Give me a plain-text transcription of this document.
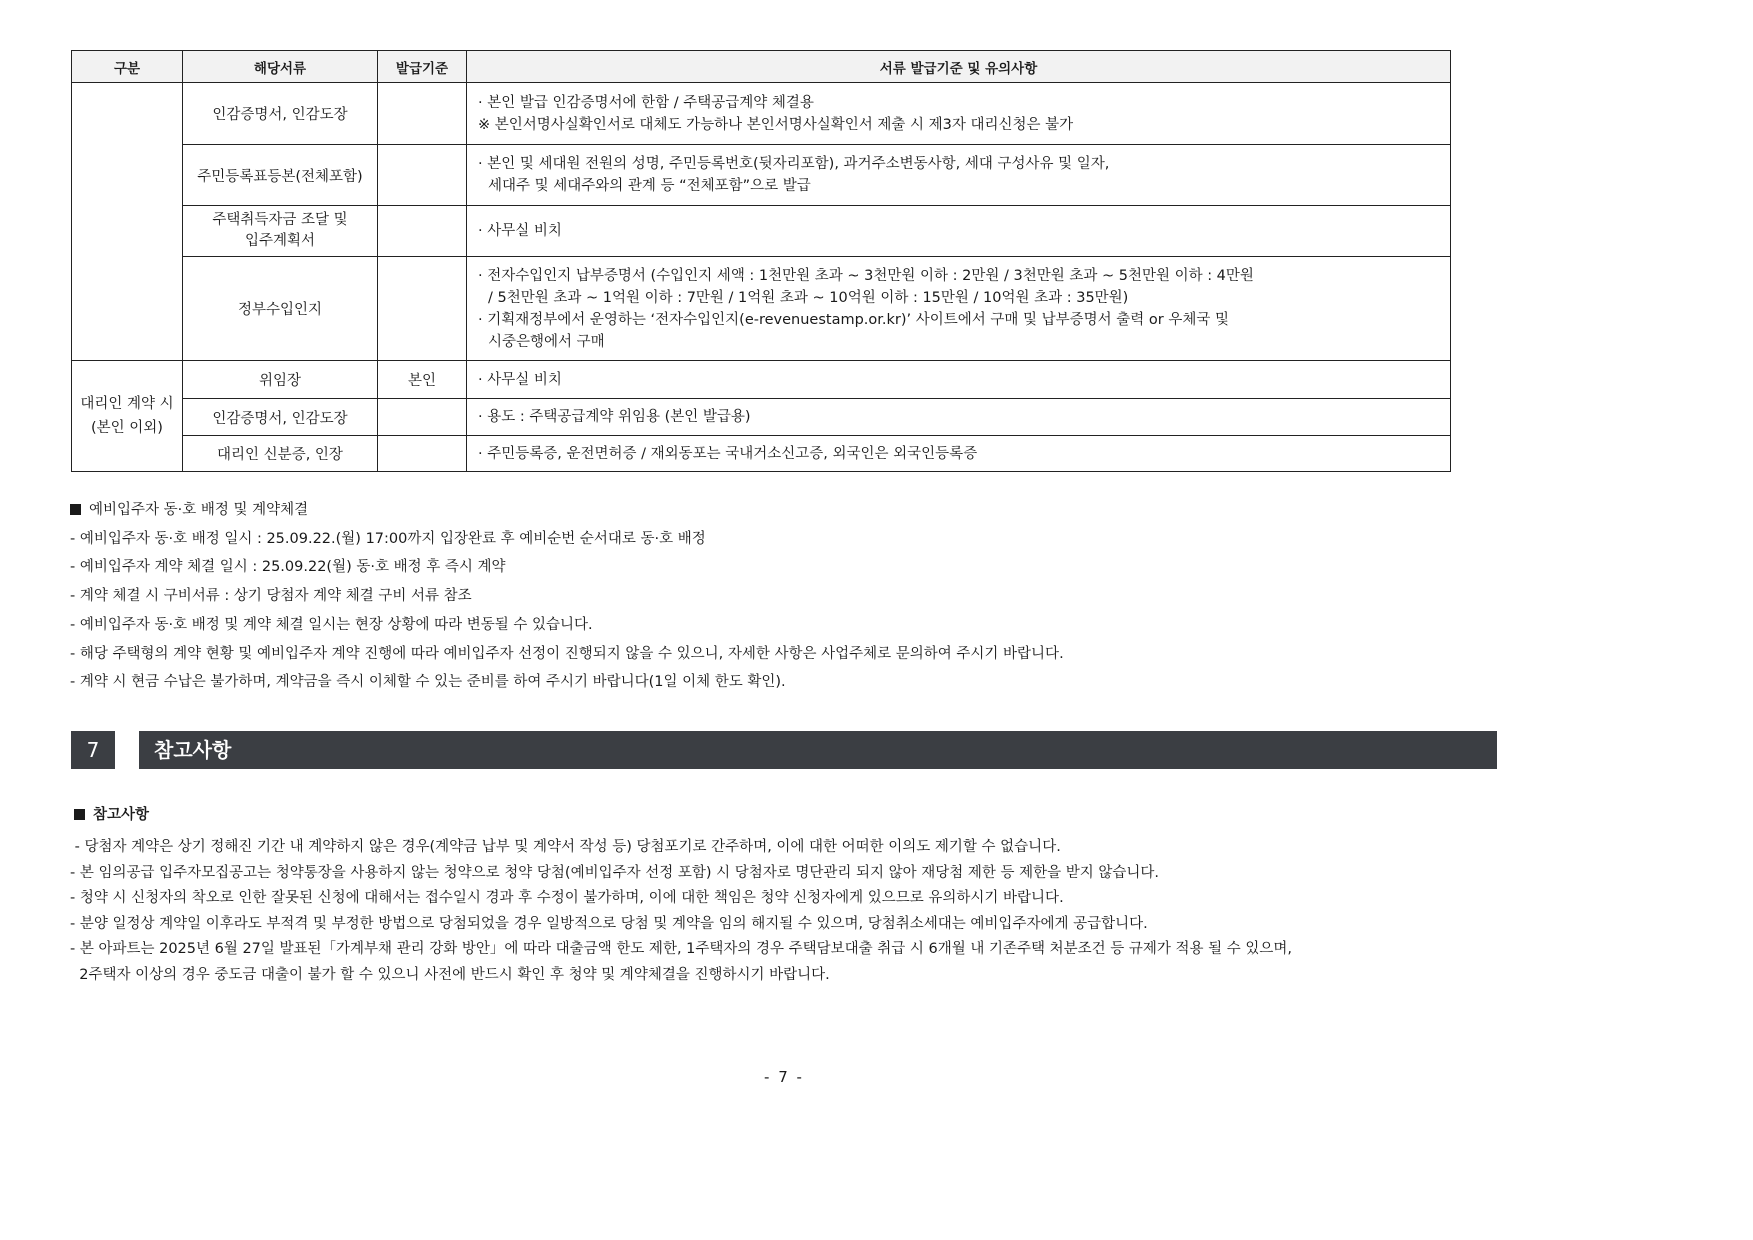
구분	해당서류	발급기준	서류 발급기준 및 유의사항

	인감증명서, 인감도장		· 본인 발급 인감증명서에 한함 / 주택공급계약 체결용
※ 본인서명사실확인서로 대체도 가능하나 본인서명사실확인서 제출 시 제3자 대리신청은 불가

	주민등록표등본(전체포함)		· 본인 및 세대원 전원의 성명, 주민등록번호(뒷자리포함), 과거주소변동사항, 세대 구성사유 및 일자,
세대주 및 세대주와의 관계 등 “전체포함”으로 발급

	주택취득자금 조달 및
입주계획서		· 사무실 비치

	정부수입인지		· 전자수입인지 납부증명서 (수입인지 세액 : 1천만원 초과 ~ 3천만원 이하 : 2만원 / 3천만원 초과 ~ 5천만원 이하 : 4만원
/ 5천만원 초과 ~ 1억원 이하 : 7만원 / 1억원 초과 ~ 10억원 이하 : 15만원 / 10억원 초과 : 35만원)
· 기획재정부에서 운영하는 ‘전자수입인지(e-revenuestamp.or.kr)’ 사이트에서 구매 및 납부증명서 출력 or 우체국 및
시중은행에서 구매

대리인 계약 시
(본인 이외)	위임장	본인	· 사무실 비치

	인감증명서, 인감도장		· 용도 : 주택공급계약 위임용 (본인 발급용)

	대리인 신분증, 인장		· 주민등록증, 운전면허증 / 재외동포는 국내거소신고증, 외국인은 외국인등록증
예비입주자 동·호 배정 및 계약체결
- 예비입주자 동·호 배정 일시 : 25.09.22.(월) 17:00까지 입장완료 후 예비순번 순서대로 동·호 배정
- 예비입주자 계약 체결 일시 : 25.09.22(월) 동·호 배정 후 즉시 계약
- 계약 체결 시 구비서류 : 상기 당첨자 계약 체결 구비 서류 참조
- 예비입주자 동·호 배정 및 계약 체결 일시는 현장 상황에 따라 변동될 수 있습니다.
- 해당 주택형의 계약 현황 및 예비입주자 계약 진행에 따라 예비입주자 선정이 진행되지 않을 수 있으니, 자세한 사항은 사업주체로 문의하여 주시기 바랍니다.
- 계약 시 현금 수납은 불가하며, 계약금을 즉시 이체할 수 있는 준비를 하여 주시기 바랍니다(1일 이체 한도 확인).
7	참고사항
참고사항
- 당첨자 계약은 상기 정해진 기간 내 계약하지 않은 경우(계약금 납부 및 계약서 작성 등) 당첨포기로 간주하며, 이에 대한 어떠한 이의도 제기할 수 없습니다.
- 본 임의공급 입주자모집공고는 청약통장을 사용하지 않는 청약으로 청약 당첨(예비입주자 선정 포함) 시 당첨자로 명단관리 되지 않아 재당첨 제한 등 제한을 받지 않습니다.
- 청약 시 신청자의 착오로 인한 잘못된 신청에 대해서는 접수일시 경과 후 수정이 불가하며, 이에 대한 책임은 청약 신청자에게 있으므로 유의하시기 바랍니다.
- 분양 일정상 계약일 이후라도 부적격 및 부정한 방법으로 당첨되었을 경우 일방적으로 당첨 및 계약을 임의 해지될 수 있으며, 당첨취소세대는 예비입주자에게 공급합니다.
- 본 아파트는 2025년 6월 27일 발표된「가계부채 관리 강화 방안」에 따라 대출금액 한도 제한, 1주택자의 경우 주택담보대출 취급 시 6개월 내 기존주택 처분조건 등 규제가 적용 될 수 있으며,
2주택자 이상의 경우 중도금 대출이 불가 할 수 있으니 사전에 반드시 확인 후 청약 및 계약체결을 진행하시기 바랍니다.
- 7 -
